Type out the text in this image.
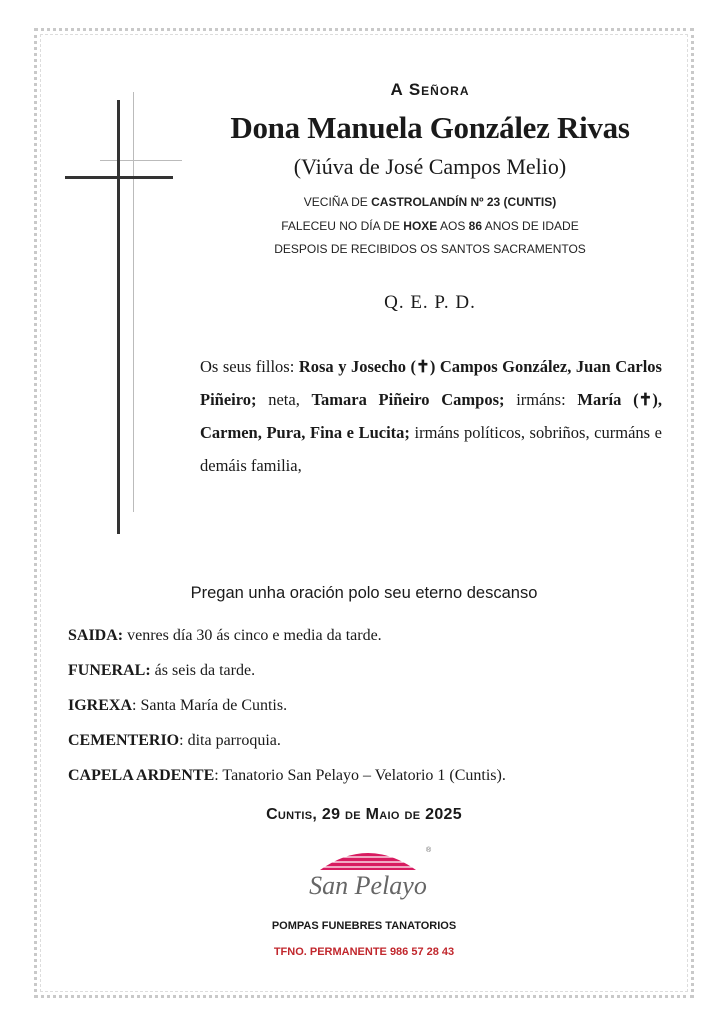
A Señora
Dona Manuela González Rivas
(Viúva de José Campos Melio)
VECIÑA DE CASTROLANDÍN Nº 23 (CUNTIS)
FALECEU NO DÍA DE HOXE AOS 86 ANOS DE IDADE
DESPOIS DE RECIBIDOS OS SANTOS SACRAMENTOS
Q. E. P. D.
Os seus fillos: Rosa y Josecho (✝) Campos González, Juan Carlos Piñeiro; neta, Tamara Piñeiro Campos; irmáns: María (✝), Carmen, Pura, Fina e Lucita; irmáns políticos, sobriños, curmáns e demáis familia,
Pregan unha oración polo seu eterno descanso
SAIDA: venres día 30 ás cinco e media da tarde.
FUNERAL: ás seis da tarde.
IGREXA: Santa María de Cuntis.
CEMENTERIO: dita parroquia.
CAPELA ARDENTE: Tanatorio San Pelayo – Velatorio 1 (Cuntis).
Cuntis, 29 de Maio de 2025
San Pelayo
®
POMPAS FUNEBRES TANATORIOS
TFNO. PERMANENTE 986 57 28 43
